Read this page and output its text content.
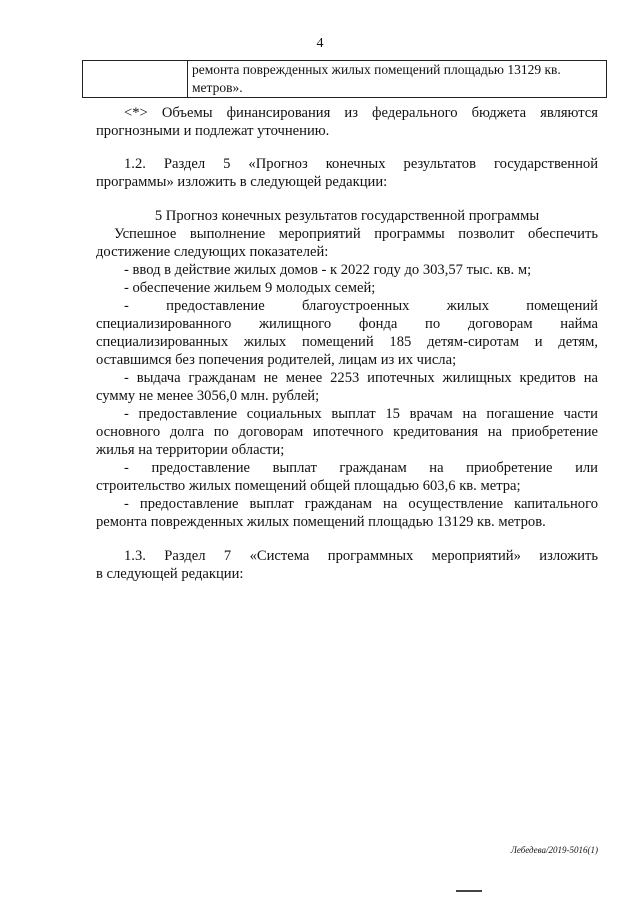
4
	ремонта поврежденных жилых помещений площадью 13129 кв. метров».
<*> Объемы финансирования из федерального бюджета являются
прогнозными и подлежат уточнению.
1.2. Раздел 5 «Прогноз конечных результатов государственной
программы» изложить в следующей редакции:
5 Прогноз конечных результатов государственной программы
Успешное выполнение мероприятий программы позволит обеспечить
достижение следующих показателей:
- ввод в действие жилых домов - к 2022 году до 303,57 тыс. кв. м;
- обеспечение жильем 9 молодых семей;
- предоставление благоустроенных жилых помещений
специализированного жилищного фонда по договорам найма
специализированных жилых помещений 185 детям-сиротам и детям,
оставшимся без попечения родителей, лицам из их числа;
- выдача гражданам не менее 2253 ипотечных жилищных кредитов на
сумму не менее 3056,0 млн. рублей;
- предоставление социальных выплат 15 врачам на погашение части
основного долга по договорам ипотечного кредитования на приобретение
жилья на территории области;
- предоставление выплат гражданам на приобретение или
строительство жилых помещений общей площадью 603,6 кв. метра;
- предоставление выплат гражданам на осуществление капитального
ремонта поврежденных жилых помещений площадью 13129 кв. метров.
1.3. Раздел 7 «Система программных мероприятий» изложить
в следующей редакции:
Лебедева/2019-5016(1)
